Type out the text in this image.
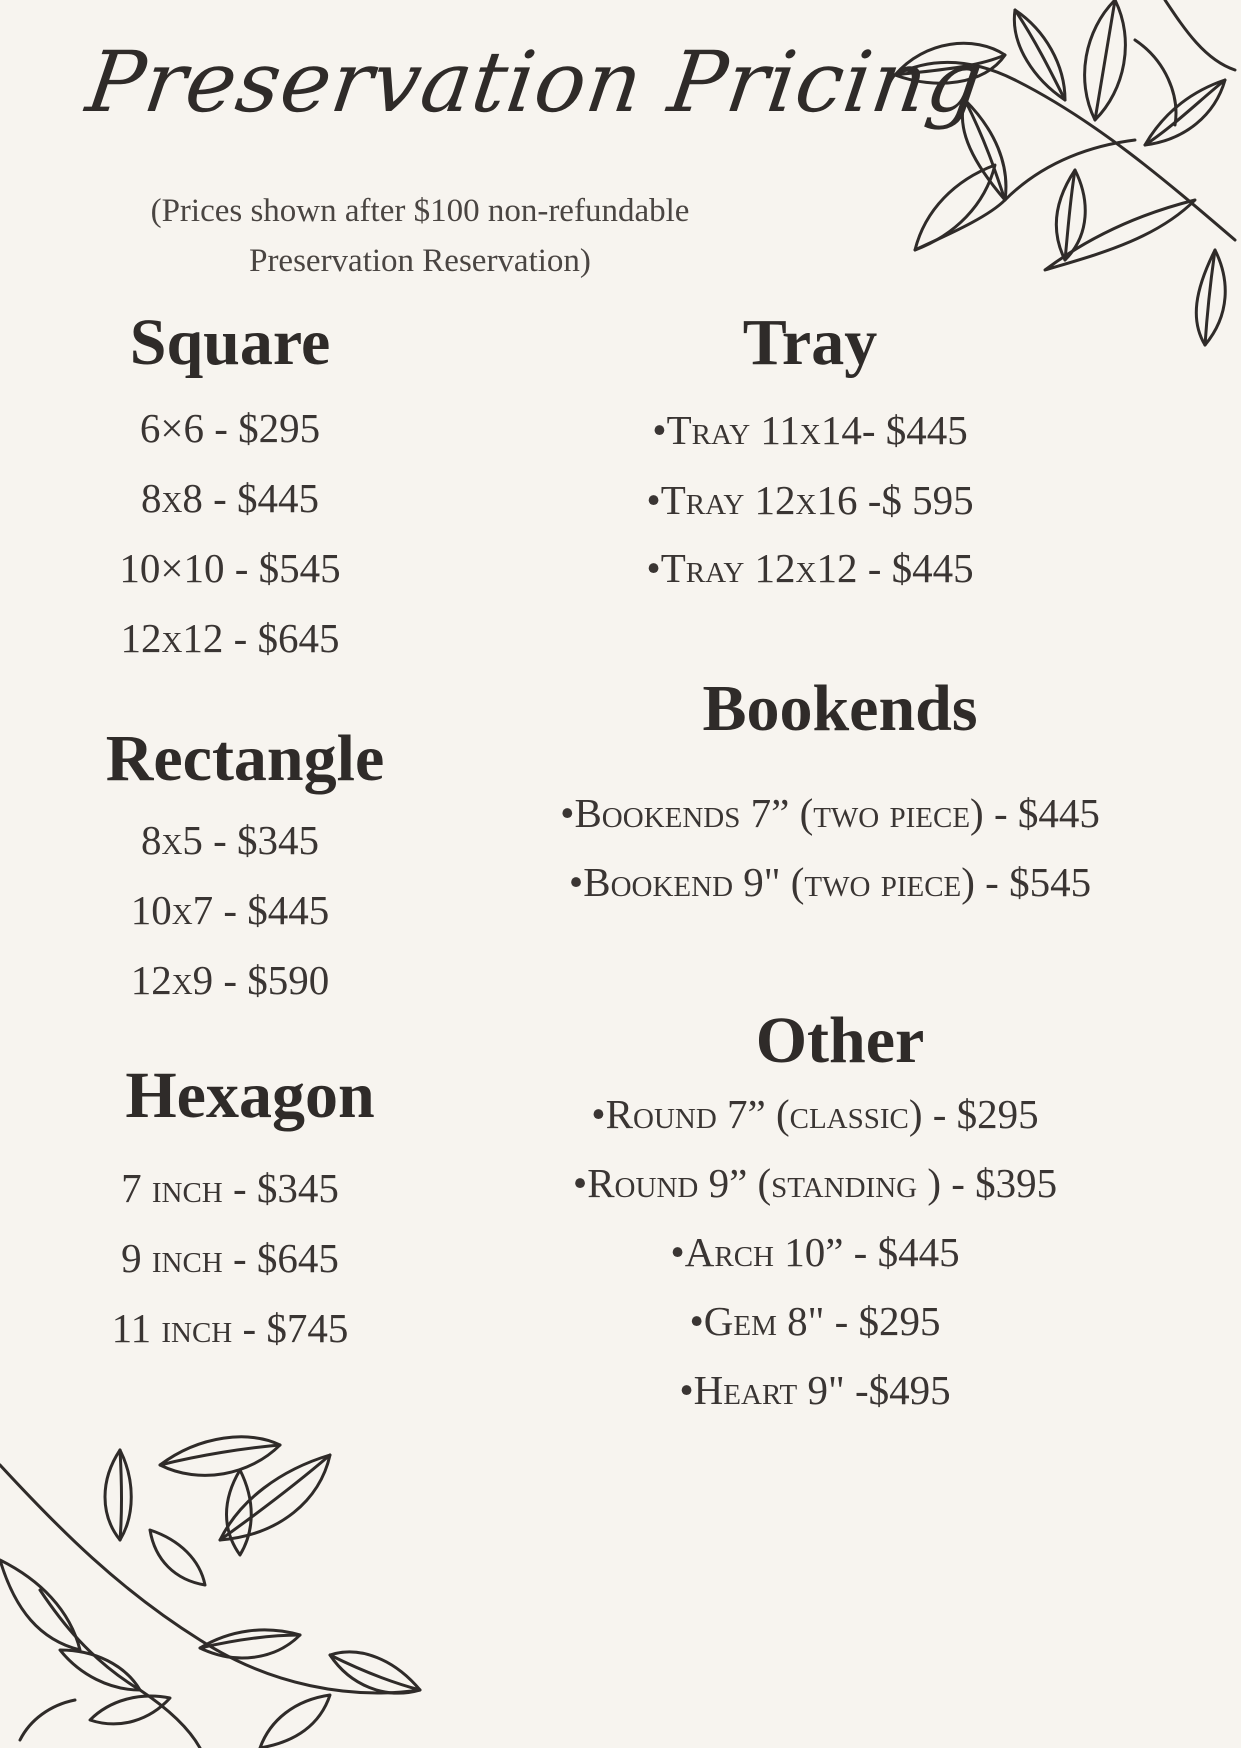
Preservation Pricing
(Prices shown after $100 non-refundable
Preservation Reservation)
Square
6×6 - $295
8x8 - $445
10×10 - $545
12x12 - $645
Rectangle
8x5 - $345
10x7 - $445
12x9 - $590
Hexagon
7 inch - $345
9 inch - $645
11 inch - $745
Tray
•Tray 11x14- $445
•Tray 12x16 -$ 595
•Tray 12x12 - $445
Bookends
•Bookends 7” (two piece) - $445
•Bookend 9" (two piece) - $545
Other
•Round 7” (classic) - $295
•Round 9” (standing ) - $395
•Arch 10” - $445
•Gem 8" - $295
•Heart 9" -$495
